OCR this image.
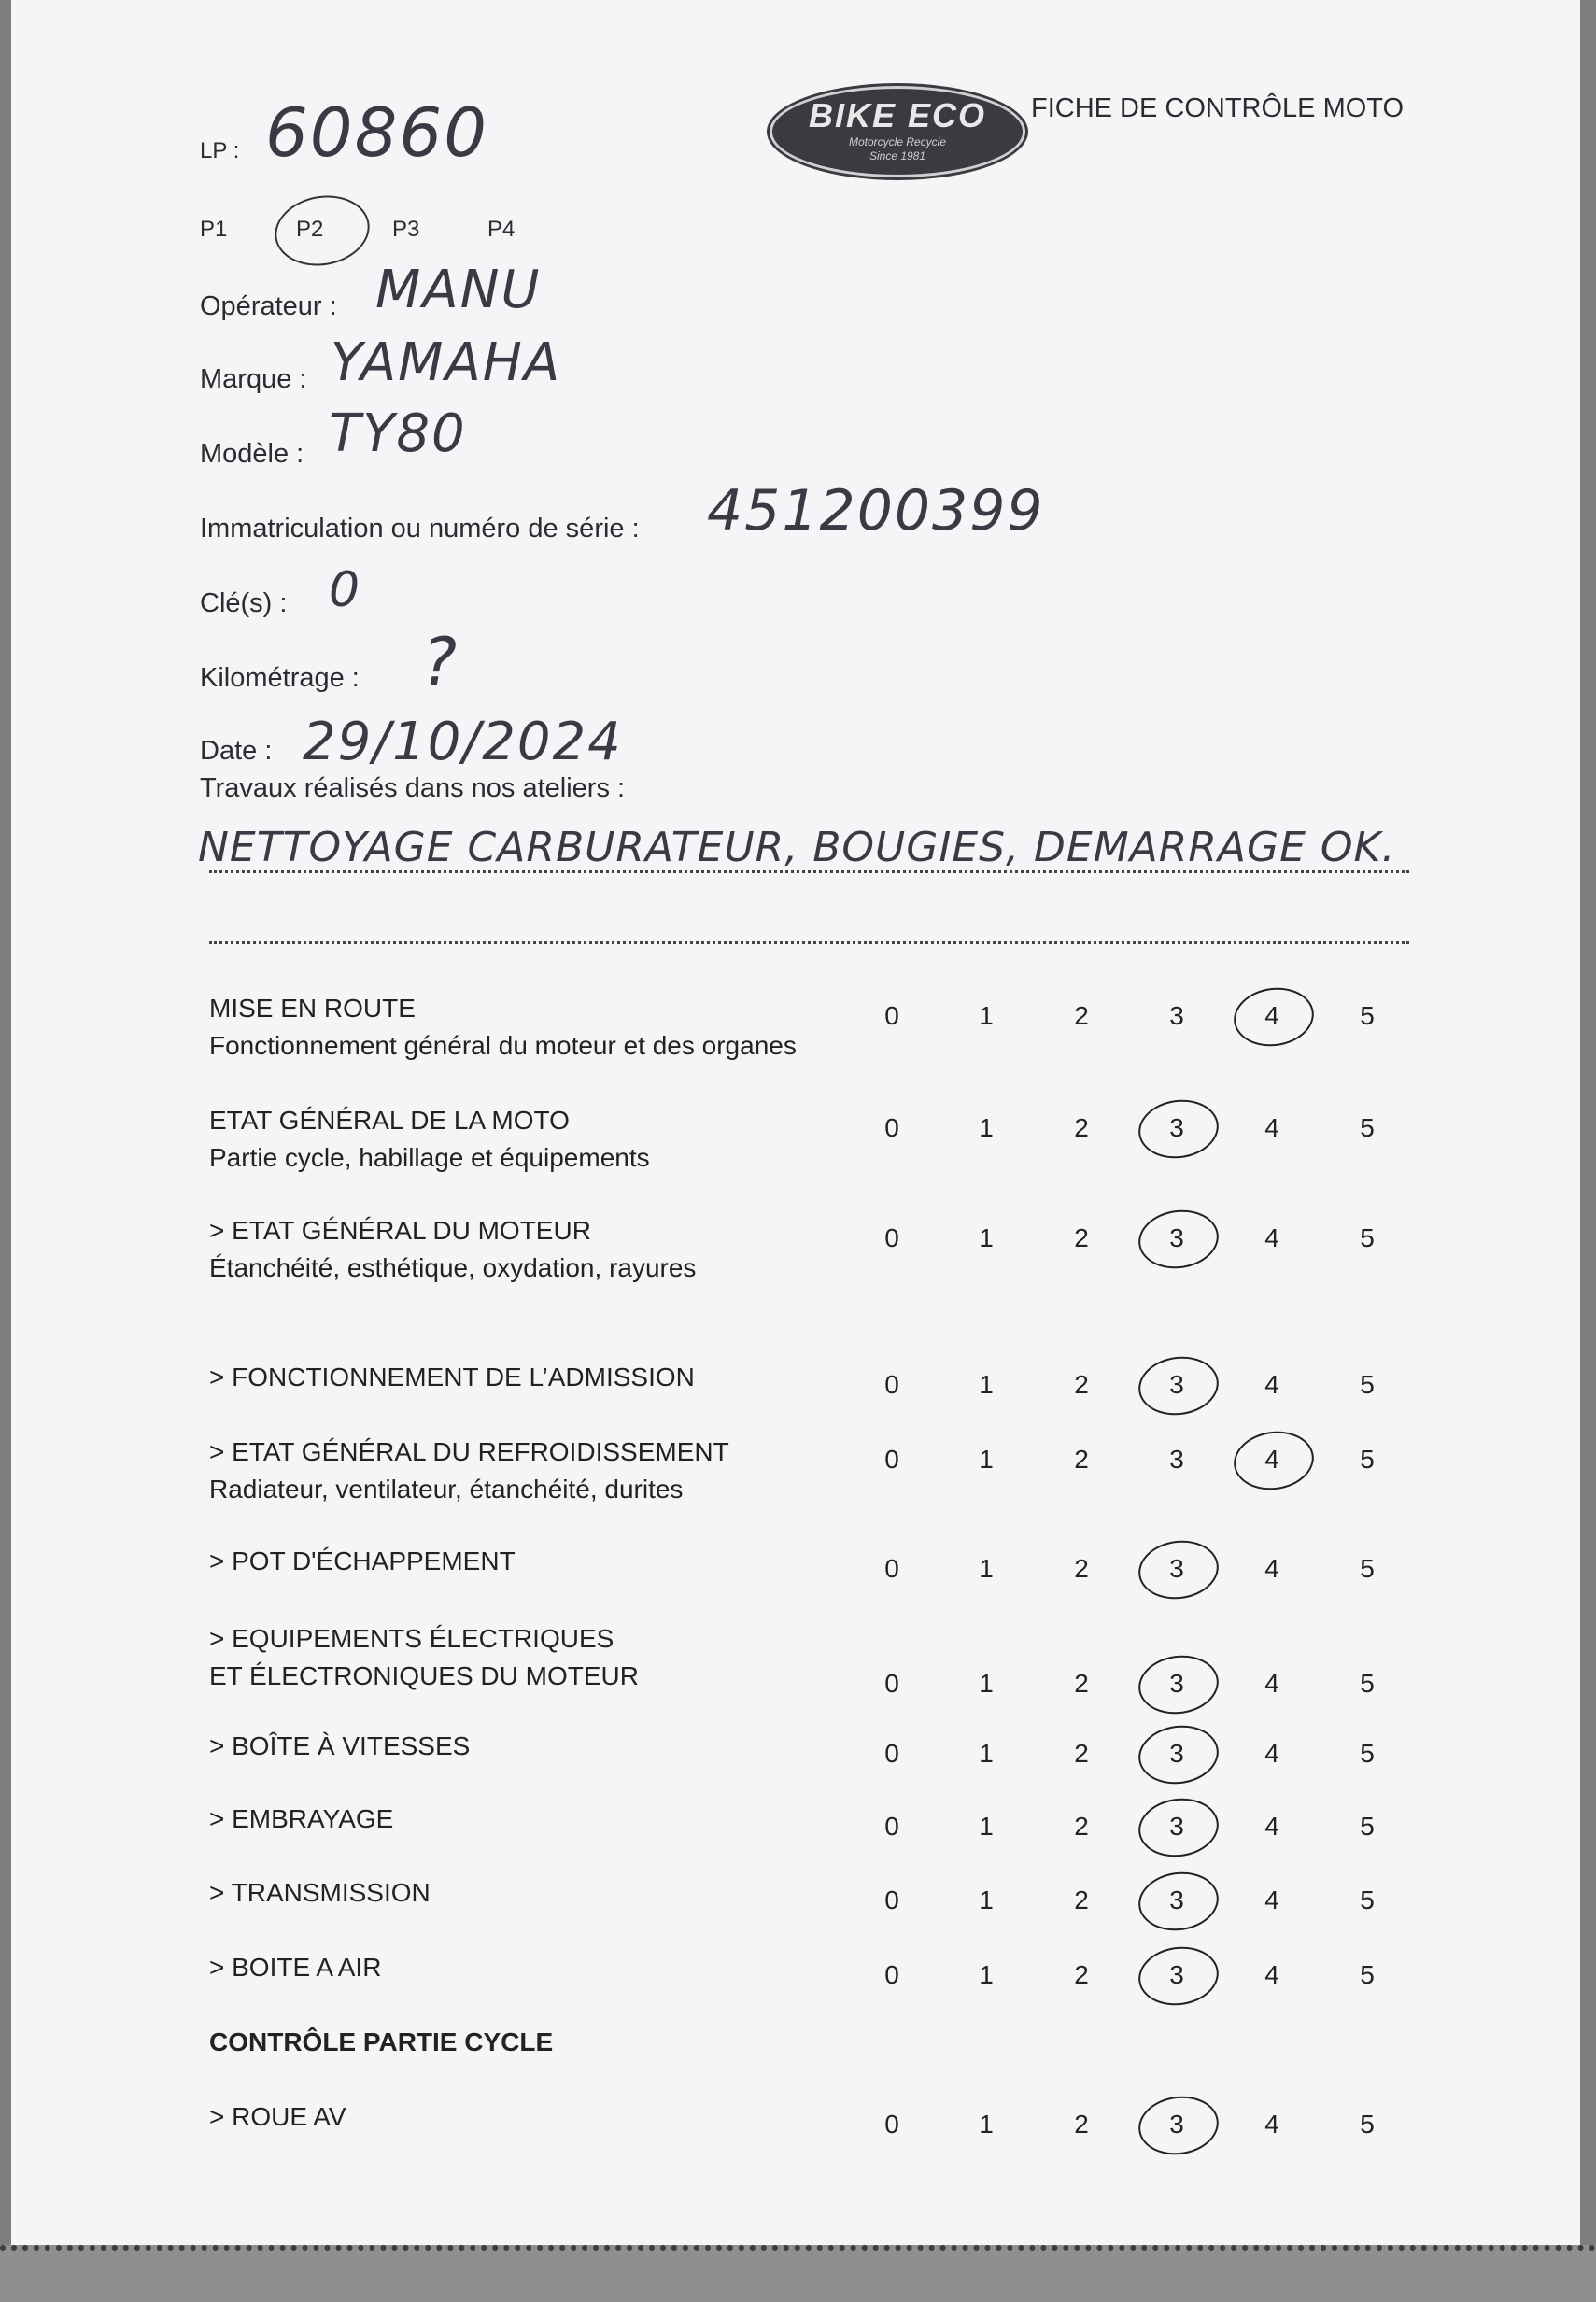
BIKE ECO
Motorcycle Recycle
Since 1981
FICHE DE CONTRÔLE MOTO
LP : 60860
P1	P2	P3	P4
Opérateur : MANU
Marque : YAMAHA
Modèle : TY80
Immatriculation ou numéro de série : 451200399
Clé(s) : 0
Kilométrage : ?
Date : 29/10/2024
Travaux réalisés dans nos ateliers :
NETTOYAGE CARBURATEUR, BOUGIES, DEMARRAGE OK.
MISE EN ROUTE
Fonctionnement général du moteur et des organes
0	1	2	3	4	5
ETAT GÉNÉRAL DE LA MOTO
Partie cycle, habillage et équipements
0	1	2	3	4	5
> ETAT GÉNÉRAL DU MOTEUR
Étanchéité, esthétique, oxydation, rayures
0	1	2	3	4	5
> FONCTIONNEMENT DE L’ADMISSION	0	1	2	3	4	5
> ETAT GÉNÉRAL DU REFROIDISSEMENT
Radiateur, ventilateur, étanchéité, durites
0	1	2	3	4	5
> POT D'ÉCHAPPEMENT	0	1	2	3	4	5
> EQUIPEMENTS ÉLECTRIQUES
ET ÉLECTRONIQUES DU MOTEUR	0	1	2	3	4	5
> BOÎTE À VITESSES	0	1	2	3	4	5
> EMBRAYAGE	0	1	2	3	4	5
> TRANSMISSION	0	1	2	3	4	5
> BOITE A AIR	0	1	2	3	4	5
CONTRÔLE PARTIE CYCLE
> ROUE AV	0	1	2	3	4	5
